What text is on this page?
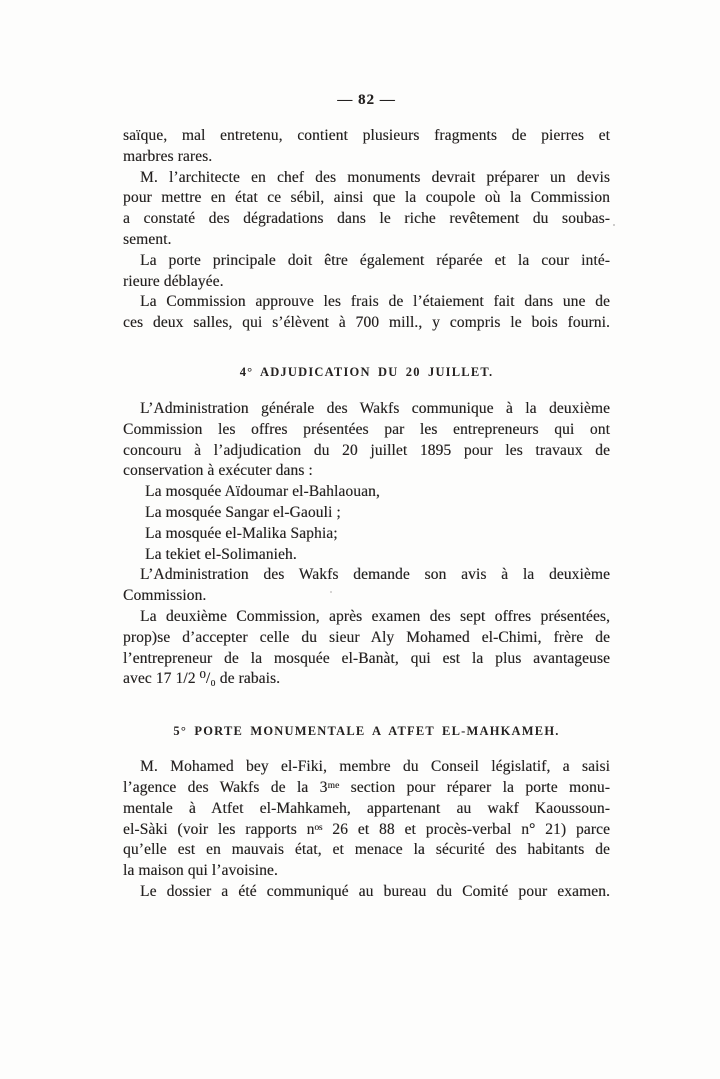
— 82 —

saïque, mal entretenu, contient plusieurs fragments de pierres et
marbres rares.

M. l’architecte en chef des monuments devrait préparer un devis
pour mettre en état ce sébil, ainsi que la coupole où la Commission
a constaté des dégradations dans le riche revêtement du soubas-
sement.

La porte principale doit être également réparée et la cour inté-
rieure déblayée.

La Commission approuve les frais de l’étaiement fait dans une de
ces deux salles, qui s’élèvent à 700 mill., y compris le bois fourni.

4° ADJUDICATION DU 20 JUILLET.

L’Administration générale des Wakfs communique à la deuxième
Commission les offres présentées par les entrepreneurs qui ont
concouru à l’adjudication du 20 juillet 1895 pour les travaux de
conservation à exécuter dans :

La mosquée Aïdoumar el-Bahlaouan,
La mosquée Sangar el-Gaouli ;
La mosquée el-Malika Saphia;
La tekiet el-Solimanieh.

L’Administration des Wakfs demande son avis à la deuxième
Commission.

La deuxième Commission, après examen des sept offres présentées,
prop)se d’accepter celle du sieur Aly Mohamed el-Chimi, frère de
l’entrepreneur de la mosquée el-Banàt, qui est la plus avantageuse
avec 17 1/2 ⁰/₀ de rabais.

5° PORTE MONUMENTALE A ATFET EL-MAHKAMEH.

M. Mohamed bey el-Fiki, membre du Conseil législatif, a saisi
l’agence des Wakfs de la 3ᵐᵉ section pour réparer la porte monu-
mentale à Atfet el-Mahkameh, appartenant au wakf Kaoussoun-
el-Sàki (voir les rapports nᵒˢ 26 et 88 et procès-verbal n° 21) parce
qu’elle est en mauvais état, et menace la sécurité des habitants de
la maison qui l’avoisine.

Le dossier a été communiqué au bureau du Comité pour examen.
